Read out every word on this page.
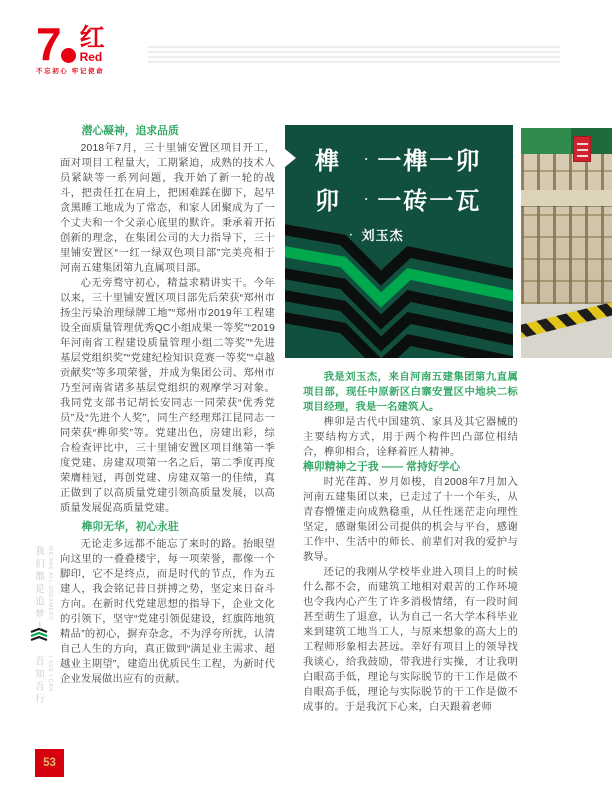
7 红
Red
不忘初心 牢记使命
潜心凝神，追求品质

2018年7月，三十里铺安置区项目开工，面对项目工程量大，工期紧迫，成熟的技术人员紧缺等一系列问题，我开始了新一轮的战斗，把责任扛在肩上，把困难踩在脚下，起早贪黑睡工地成为了常态，和家人团聚成为了一个丈夫和一个父亲心底里的默许。秉承着开拓创新的理念，在集团公司的大力指导下，三十里铺安置区“一红一绿双色项目部”完美亮相于河南五建集团第九直属项目部。

心无旁骛守初心，精益求精讲实干。今年以来，三十里铺安置区项目部先后荣获“郑州市扬尘污染治理绿牌工地”“郑州市2019年工程建设全面质量管理优秀QC小组成果一等奖”“2019年河南省工程建设质量管理小组二等奖”“先进基层党组织奖”“党建纪检知识竞赛一等奖”“卓越贡献奖”等多项荣誉，并成为集团公司、郑州市乃至河南省诸多基层党组织的观摩学习对象。我同党支部书记胡长安同志一同荣获“优秀党员”及“先进个人奖”，同生产经理郑江昆同志一同荣获“榫卯奖”等。党建出色，房建出彩，综合检查评比中，三十里铺安置区项目继第一季度党建、房建双项第一名之后，第二季度再度荣膺桂冠，再创党建、房建双第一的佳绩，真正做到了以高质量党建引领高质量发展，以高质量发展促高质量党建。

榫卯无华，初心永驻

无论走多远都不能忘了来时的路。抬眼望向这里的一叠叠楼宇，每一项荣誉，都像一个脚印，它不是终点，而是时代的节点，作为五建人，我会铭记昔日拼搏之势，坚定来日奋斗方向。在新时代党建思想的指导下，企业文化的引领下，坚守“党建引领促建设，红旗阵地筑精品”的初心，摒弃杂念，不为浮夸所扰，认清自己人生的方向，真正做到“满足业主需求、超越业主期望”，建造出优质民生工程，为新时代企业发展做出应有的贡献。

榫 · 一榫一卯
卯 · 一砖一瓦
· 刘玉杰

我是刘玉杰，来自河南五建集团第九直属项目部，现任中原新区白寨安置区中地块二标项目经理，我是一名建筑人。

榫卯是古代中国建筑、家具及其它器械的主要结构方式，用于两个构件凹凸部位相结合，榫卯相合，诠释着匠人精神。

榫卯精神之于我 —— 常持好学心

时光荏苒、岁月如梭，自2008年7月加入河南五建集团以来，已走过了十一个年头，从青春懵懂走向成熟稳重，从任性迷茫走向理性坚定，感谢集团公司提供的机会与平台，感谢工作中、生活中的师长、前辈们对我的爱护与教导。

还记的我刚从学校毕业进入项目上的时候什么都不会，而建筑工地相对艰苦的工作环境也令我内心产生了许多消极情绪，有一段时间甚至萌生了退意，认为自己一名大学本科毕业来到建筑工地当工人，与原来想象的高大上的工程师形象相去甚远。幸好有项目上的领导找我谈心，给我鼓励，带我进行实操，才让我明白眼高手低，理论与实际脱节的干工作是做不自眼高手低，理论与实际脱节的干工作是做不成事的。于是我沉下心来，白天跟着老师

我们都是追梦人 WE ARE ALL DREAMERS
吾知吾行 I SEE I CAN
53
